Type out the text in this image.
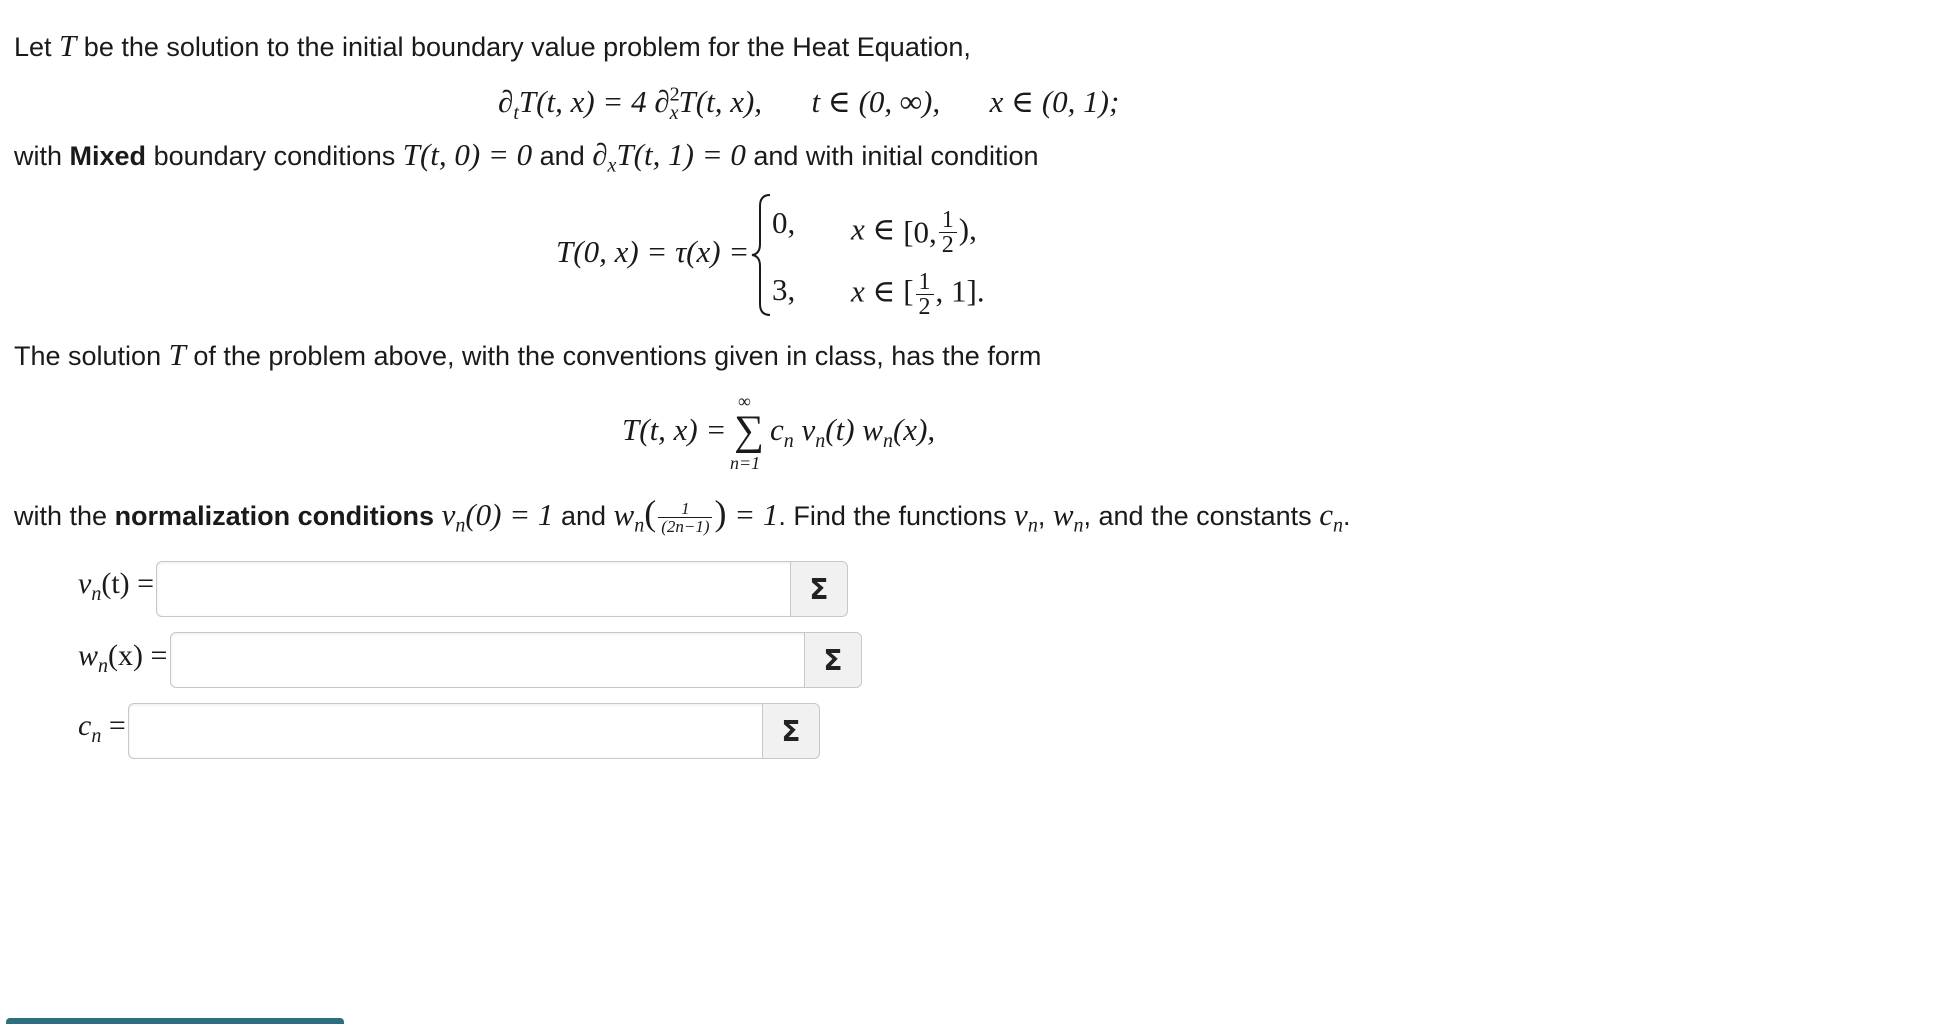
Let T be the solution to the initial boundary value problem for the Heat Equation,
$\partial_tT(t$, x) = 4 ∂$^2_x$T(t, x), t ∈ (0, ∞), x ∈ (0, 1);
with Mixed boundary conditions T(t, 0) = 0 and $\partial_xT(t$, 1) = 0 and with initial condition
T(0, x) = τ(x) =
0, x ∈ [0, $\frac{1}{2}$ ),
3, x ∈ [ $\frac{1}{2}$ , 1].
The solution T of the problem above, with the conventions given in class, has the form
T(t, x) =
∞
∑
n=1
$c_n$ $v_n(t)$ $w_n(x)$,
with the normalization conditions $v_n(0) = 1$ and $w_n( \frac{1}{(2n-1)}$ ) = 1. Find the functions $v_n$, $w_n$, and the constants $c_n$.
$v_n(t)$ =	Σ
$w_n(x)$ =	Σ
$c_n$ =	Σ
